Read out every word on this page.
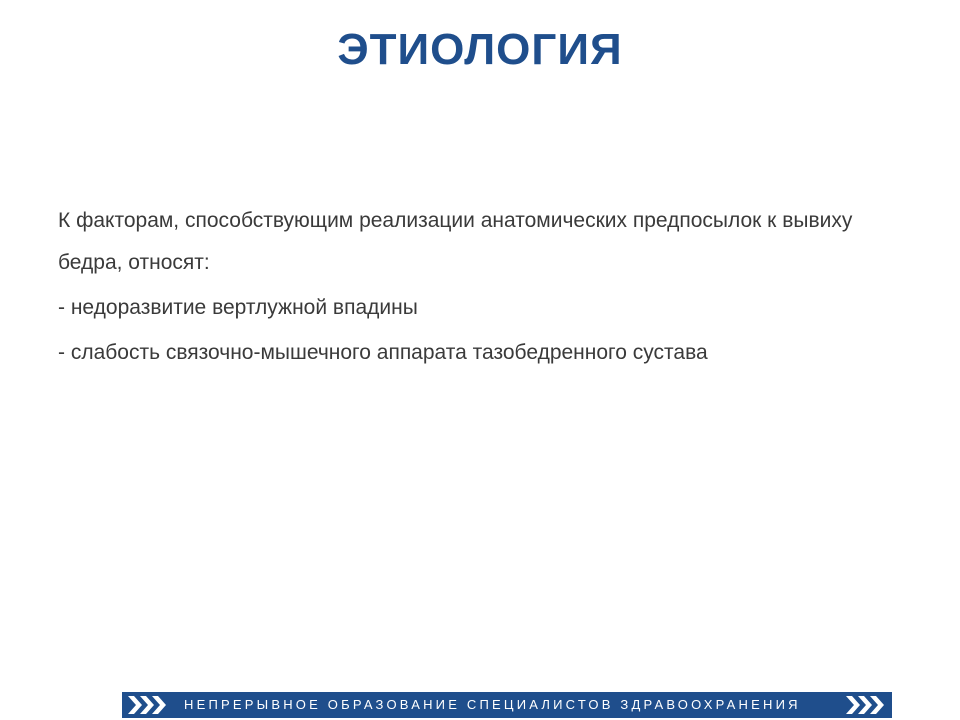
ЭТИОЛОГИЯ

К факторам, способствующим реализации анатомических предпосылок к вывиху бедра, относят:

- недоразвитие вертлужной впадины

- слабость связочно-мышечного аппарата тазобедренного сустава

НЕПРЕРЫВНОЕ ОБРАЗОВАНИЕ СПЕЦИАЛИСТОВ ЗДРАВООХРАНЕНИЯ
